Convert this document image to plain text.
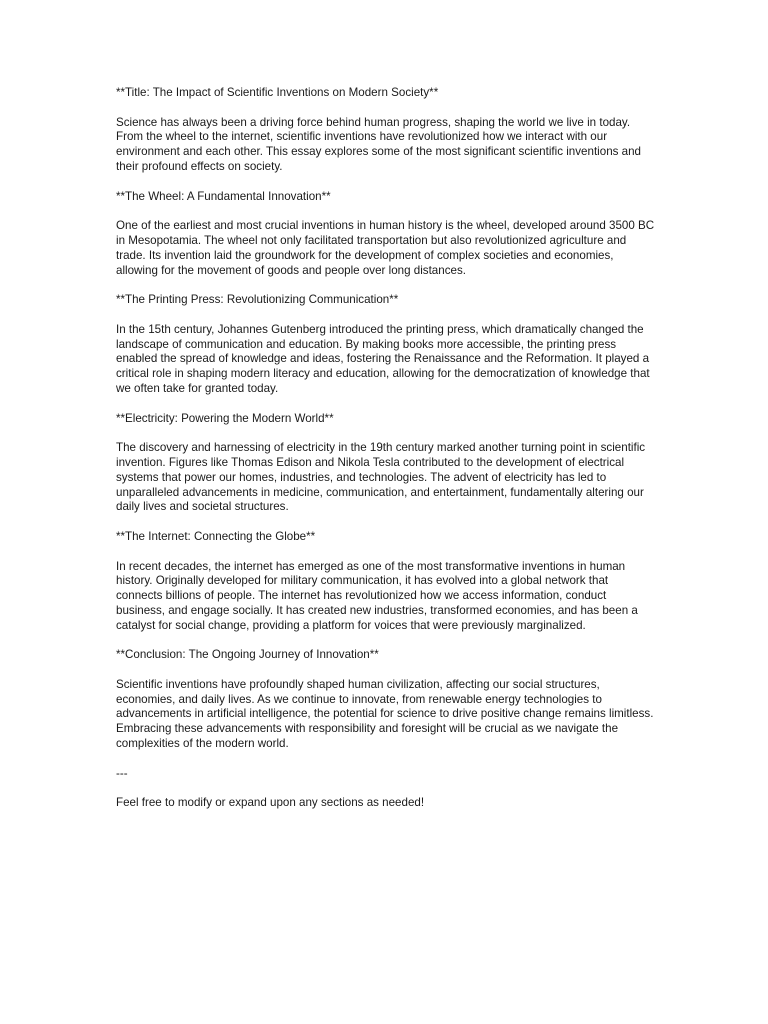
**Title: The Impact of Scientific Inventions on Modern Society**

Science has always been a driving force behind human progress, shaping the world we live in today. From the wheel to the internet, scientific inventions have revolutionized how we interact with our environment and each other. This essay explores some of the most significant scientific inventions and their profound effects on society.

**The Wheel: A Fundamental Innovation**

One of the earliest and most crucial inventions in human history is the wheel, developed around 3500 BC in Mesopotamia. The wheel not only facilitated transportation but also revolutionized agriculture and trade. Its invention laid the groundwork for the development of complex societies and economies, allowing for the movement of goods and people over long distances.

**The Printing Press: Revolutionizing Communication**

In the 15th century, Johannes Gutenberg introduced the printing press, which dramatically changed the landscape of communication and education. By making books more accessible, the printing press enabled the spread of knowledge and ideas, fostering the Renaissance and the Reformation. It played a critical role in shaping modern literacy and education, allowing for the democratization of knowledge that we often take for granted today.

**Electricity: Powering the Modern World**

The discovery and harnessing of electricity in the 19th century marked another turning point in scientific invention. Figures like Thomas Edison and Nikola Tesla contributed to the development of electrical systems that power our homes, industries, and technologies. The advent of electricity has led to unparalleled advancements in medicine, communication, and entertainment, fundamentally altering our daily lives and societal structures.

**The Internet: Connecting the Globe**

In recent decades, the internet has emerged as one of the most transformative inventions in human history. Originally developed for military communication, it has evolved into a global network that connects billions of people. The internet has revolutionized how we access information, conduct business, and engage socially. It has created new industries, transformed economies, and has been a catalyst for social change, providing a platform for voices that were previously marginalized.

**Conclusion: The Ongoing Journey of Innovation**

Scientific inventions have profoundly shaped human civilization, affecting our social structures, economies, and daily lives. As we continue to innovate, from renewable energy technologies to advancements in artificial intelligence, the potential for science to drive positive change remains limitless. Embracing these advancements with responsibility and foresight will be crucial as we navigate the complexities of the modern world.

---

Feel free to modify or expand upon any sections as needed!
